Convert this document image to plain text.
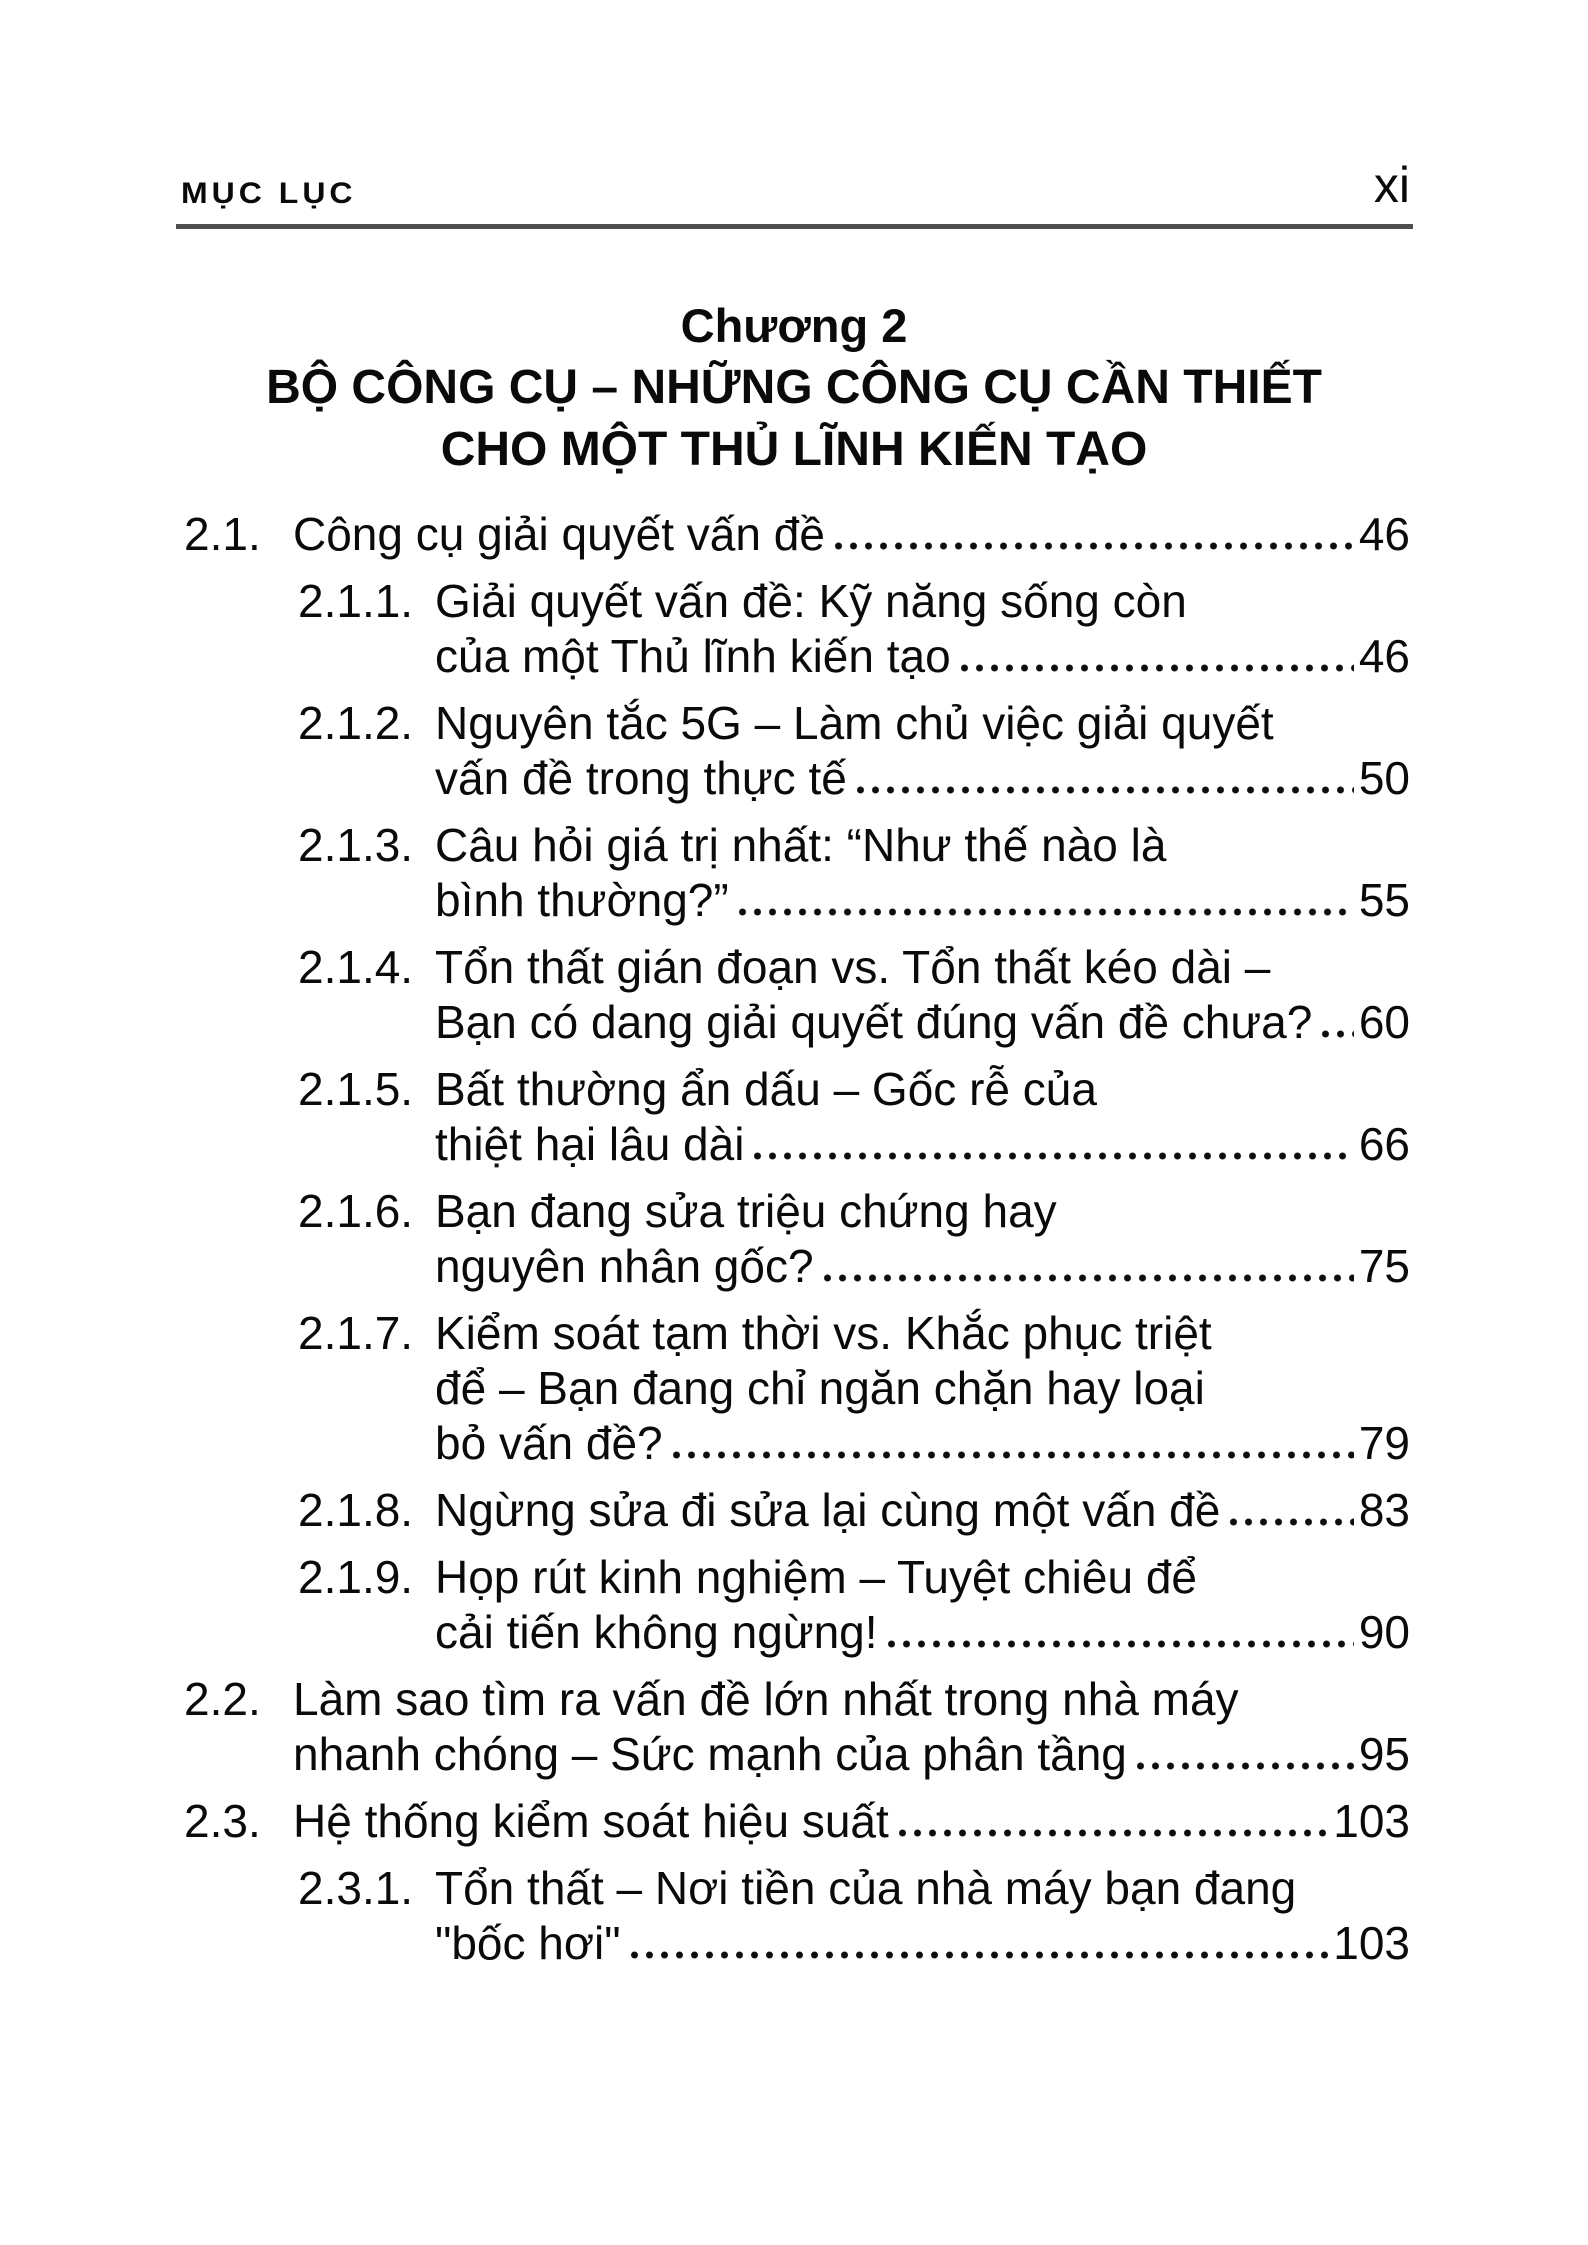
MỤC LỤC	xi
Chương 2
BỘ CÔNG CỤ – NHỮNG CÔNG CỤ CẦN THIẾT
CHO MỘT THỦ LĨNH KIẾN TẠO
2.1. Công cụ giải quyết vấn đề	46
2.1.1. Giải quyết vấn đề: Kỹ năng sống còn
của một Thủ lĩnh kiến tạo	46
2.1.2. Nguyên tắc 5G – Làm chủ việc giải quyết
vấn đề trong thực tế	50
2.1.3. Câu hỏi giá trị nhất: “Như thế nào là
bình thường?”	55
2.1.4. Tổn thất gián đoạn vs. Tổn thất kéo dài –
Bạn có dang giải quyết đúng vấn đề chưa? 60
2.1.5. Bất thường ẩn dấu – Gốc rễ của
thiệt hại lâu dài	66
2.1.6. Bạn đang sửa triệu chứng hay
nguyên nhân gốc?	75
2.1.7. Kiểm soát tạm thời vs. Khắc phục triệt
để – Bạn đang chỉ ngăn chặn hay loại
bỏ vấn đề?	79
2.1.8. Ngừng sửa đi sửa lại cùng một vấn đề	83
2.1.9. Họp rút kinh nghiệm – Tuyệt chiêu để
cải tiến không ngừng!	90
2.2. Làm sao tìm ra vấn đề lớn nhất trong nhà máy
nhanh chóng – Sức mạnh của phân tầng	95
2.3. Hệ thống kiểm soát hiệu suất	103
2.3.1. Tổn thất – Nơi tiền của nhà máy bạn đang
"bốc hơi"	103
